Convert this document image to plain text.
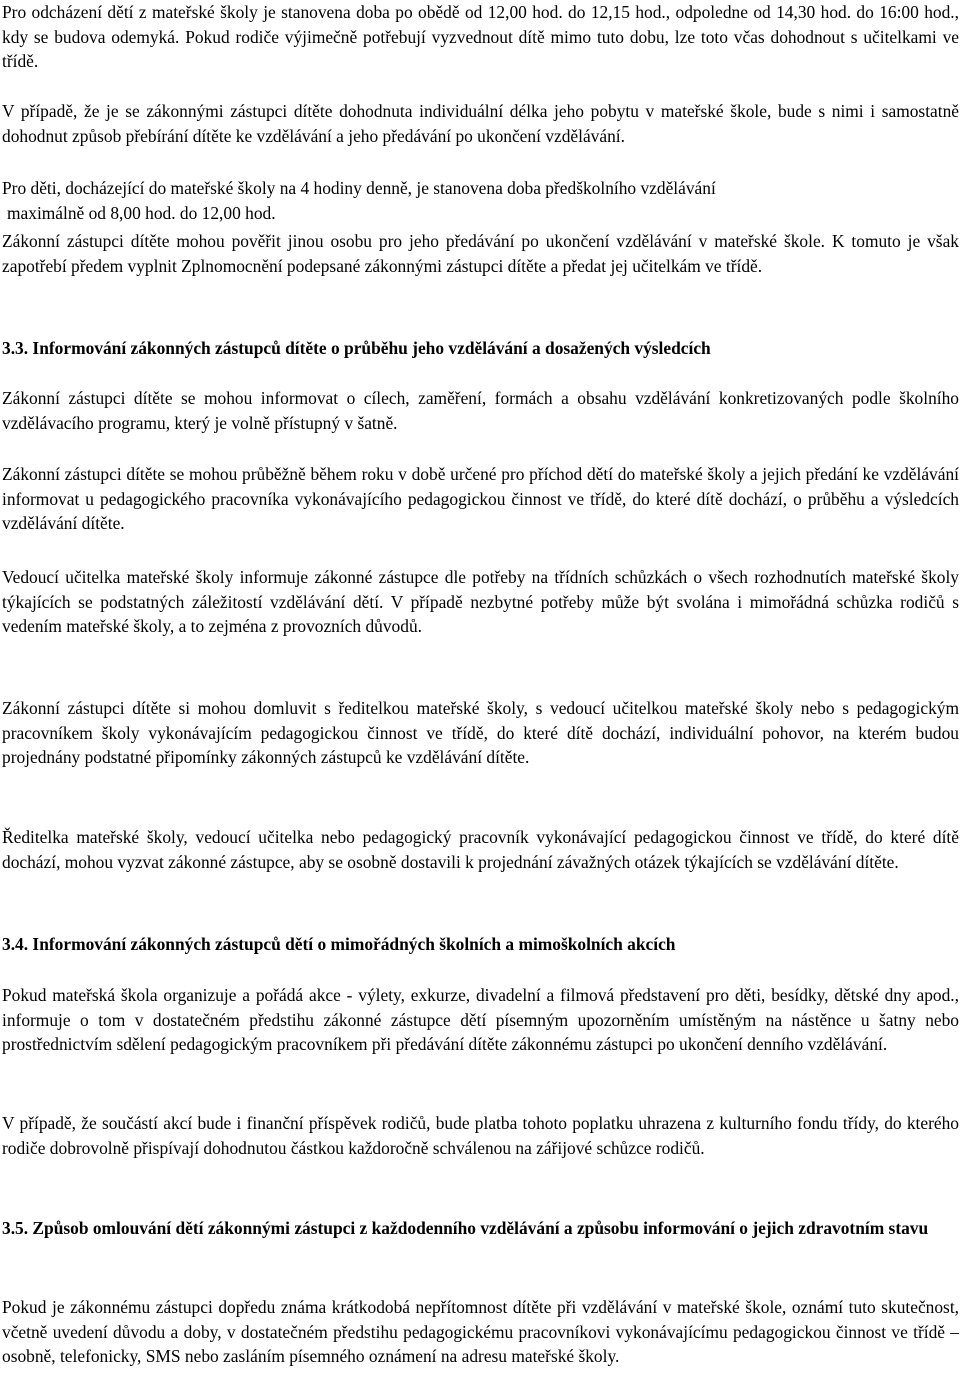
Pro odcházení dětí z mateřské školy je stanovena doba po obědě od 12,00 hod. do 12,15 hod., odpoledne od 14,30 hod. do 16:00 hod., kdy se budova odemyká. Pokud rodiče výjimečně potřebují vyzvednout dítě mimo tuto dobu, lze toto včas dohodnout s učitelkami ve třídě.

V případě, že je se zákonnými zástupci dítěte dohodnuta individuální délka jeho pobytu v mateřské škole, bude s nimi i samostatně dohodnut způsob přebírání dítěte ke vzdělávání a jeho předávání po ukončení vzdělávání.

Pro děti, docházející do mateřské školy na 4 hodiny denně, je stanovena doba předškolního vzdělávání

maximálně od 8,00 hod. do 12,00 hod.

Zákonní zástupci dítěte mohou pověřit jinou osobu pro jeho předávání po ukončení vzdělávání v mateřské škole. K tomuto je však zapotřebí předem vyplnit Zplnomocnění podepsané zákonnými zástupci dítěte a předat jej učitelkám ve třídě.

3.3. Informování zákonných zástupců dítěte o průběhu jeho vzdělávání a dosažených výsledcích

Zákonní zástupci dítěte se mohou informovat o cílech, zaměření, formách a obsahu vzdělávání konkretizovaných podle školního vzdělávacího programu, který je volně přístupný v šatně.

Zákonní zástupci dítěte se mohou průběžně během roku v době určené pro příchod dětí do mateřské školy a jejich předání ke vzdělávání informovat u pedagogického pracovníka vykonávajícího pedagogickou činnost ve třídě, do které dítě dochází, o průběhu a výsledcích vzdělávání dítěte.

Vedoucí učitelka mateřské školy informuje zákonné zástupce dle potřeby na třídních schůzkách o všech rozhodnutích mateřské školy týkajících se podstatných záležitostí vzdělávání dětí. V případě nezbytné potřeby může být svolána i mimořádná schůzka rodičů s vedením mateřské školy, a to zejména z provozních důvodů.

Zákonní zástupci dítěte si mohou domluvit s ředitelkou mateřské školy, s vedoucí učitelkou mateřské školy nebo s pedagogickým pracovníkem školy vykonávajícím pedagogickou činnost ve třídě, do které dítě dochází, individuální pohovor, na kterém budou projednány podstatné připomínky zákonných zástupců ke vzdělávání dítěte.

Ředitelka mateřské školy, vedoucí učitelka nebo pedagogický pracovník vykonávající pedagogickou činnost ve třídě, do které dítě dochází, mohou vyzvat zákonné zástupce, aby se osobně dostavili k projednání závažných otázek týkajících se vzdělávání dítěte.

3.4. Informování zákonných zástupců dětí o mimořádných školních a mimoškolních akcích

Pokud mateřská škola organizuje a pořádá akce - výlety, exkurze, divadelní a filmová představení pro děti, besídky, dětské dny apod., informuje o tom v dostatečném předstihu zákonné zástupce dětí písemným upozorněním umístěným na nástěnce u šatny nebo prostřednictvím sdělení pedagogickým pracovníkem při předávání dítěte zákonnému zástupci po ukončení denního vzdělávání.

V případě, že součástí akcí bude i finanční příspěvek rodičů, bude platba tohoto poplatku uhrazena z kulturního fondu třídy, do kterého rodiče dobrovolně přispívají dohodnutou částkou každoročně schválenou na zářijové schůzce rodičů.

3.5. Způsob omlouvání dětí zákonnými zástupci z každodenního vzdělávání a způsobu informování o jejich zdravotním stavu

Pokud je zákonnému zástupci dopředu známa krátkodobá nepřítomnost dítěte při vzdělávání v mateřské škole, oznámí tuto skutečnost, včetně uvedení důvodu a doby, v dostatečném předstihu pedagogickému pracovníkovi vykonávajícímu pedagogickou činnost ve třídě – osobně, telefonicky, SMS nebo zasláním písemného oznámení na adresu mateřské školy.
